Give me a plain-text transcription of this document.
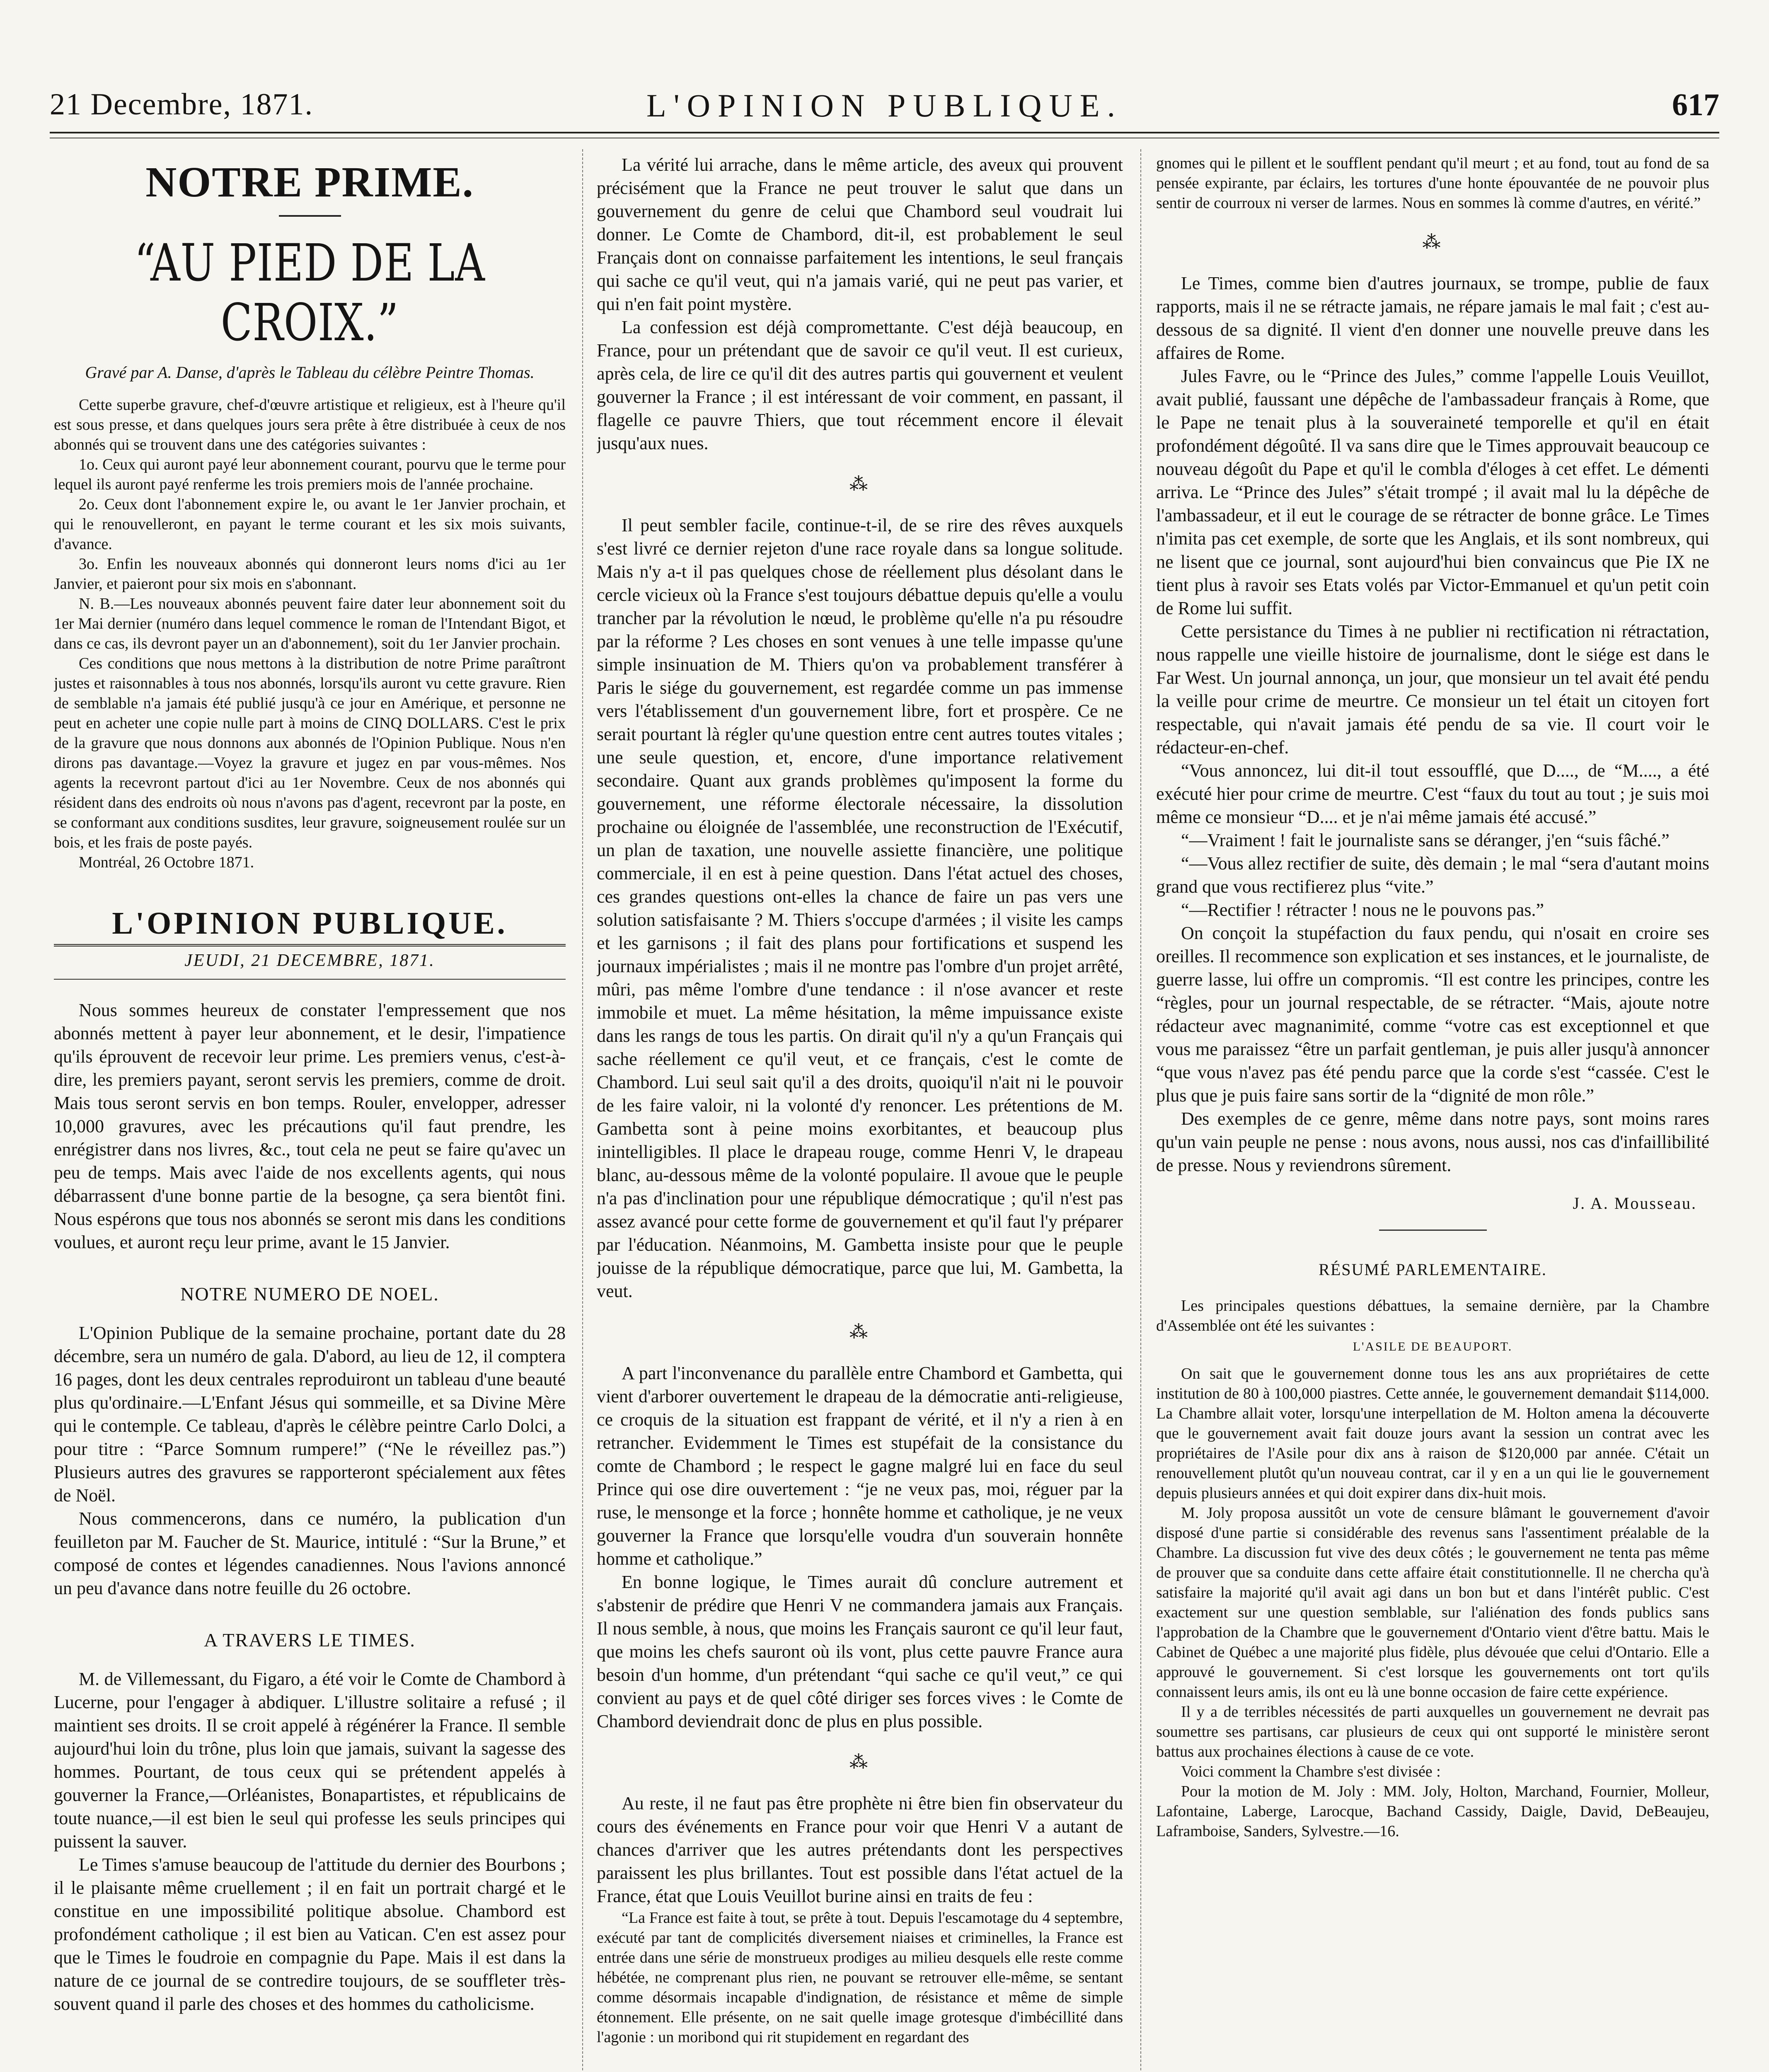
21 Decembre, 1871.	L'OPINION PUBLIQUE.	617
NOTRE PRIME.
“AU PIED DE LA CROIX.”
Gravé par A. Danse, d'après le Tableau du célèbre Peintre Thomas.

Cette superbe gravure, chef-d'œuvre artistique et religieux, est à l'heure qu'il est sous presse, et dans quelques jours sera prête à être distribuée à ceux de nos abonnés qui se trouvent dans une des catégories suivantes :

1o. Ceux qui auront payé leur abonnement courant, pourvu que le terme pour lequel ils auront payé renferme les trois premiers mois de l'année prochaine.

2o. Ceux dont l'abonnement expire le, ou avant le 1er Janvier prochain, et qui le renouvelleront, en payant le terme courant et les six mois suivants, d'avance.

3o. Enfin les nouveaux abonnés qui donneront leurs noms d'ici au 1er Janvier, et paieront pour six mois en s'abonnant.

N. B.—Les nouveaux abonnés peuvent faire dater leur abonnement soit du 1er Mai dernier (numéro dans lequel commence le roman de l'Intendant Bigot, et dans ce cas, ils devront payer un an d'abonnement), soit du 1er Janvier prochain.

Ces conditions que nous mettons à la distribution de notre Prime paraîtront justes et raisonnables à tous nos abonnés, lorsqu'ils auront vu cette gravure. Rien de semblable n'a jamais été publié jusqu'à ce jour en Amérique, et personne ne peut en acheter une copie nulle part à moins de CINQ DOLLARS. C'est le prix de la gravure que nous donnons aux abonnés de l'Opinion Publique. Nous n'en dirons pas davantage.—Voyez la gravure et jugez en par vous-mêmes. Nos agents la recevront partout d'ici au 1er Novembre. Ceux de nos abonnés qui résident dans des endroits où nous n'avons pas d'agent, recevront par la poste, en se conformant aux conditions susdites, leur gravure, soigneusement roulée sur un bois, et les frais de poste payés.

Montréal, 26 Octobre 1871.

L'OPINION PUBLIQUE.
JEUDI, 21 DECEMBRE, 1871.

Nous sommes heureux de constater l'empressement que nos abonnés mettent à payer leur abonnement, et le desir, l'impatience qu'ils éprouvent de recevoir leur prime. Les premiers venus, c'est-à-dire, les premiers payant, seront servis les premiers, comme de droit. Mais tous seront servis en bon temps. Rouler, envelopper, adresser 10,000 gravures, avec les précautions qu'il faut prendre, les enrégistrer dans nos livres, &c., tout cela ne peut se faire qu'avec un peu de temps. Mais avec l'aide de nos excellents agents, qui nous débarrassent d'une bonne partie de la besogne, ça sera bientôt fini. Nous espérons que tous nos abonnés se seront mis dans les conditions voulues, et auront reçu leur prime, avant le 15 Janvier.

NOTRE NUMERO DE NOEL.

L'Opinion Publique de la semaine prochaine, portant date du 28 décembre, sera un numéro de gala. D'abord, au lieu de 12, il comptera 16 pages, dont les deux centrales reproduiront un tableau d'une beauté plus qu'ordinaire.—L'Enfant Jésus qui sommeille, et sa Divine Mère qui le contemple. Ce tableau, d'après le célèbre peintre Carlo Dolci, a pour titre : “Parce Somnum rumpere!” (“Ne le réveillez pas.”) Plusieurs autres des gravures se rapporteront spécialement aux fêtes de Noël.

Nous commencerons, dans ce numéro, la publication d'un feuilleton par M. Faucher de St. Maurice, intitulé : “Sur la Brune,” et composé de contes et légendes canadiennes. Nous l'avions annoncé un peu d'avance dans notre feuille du 26 octobre.

A TRAVERS LE TIMES.

M. de Villemessant, du Figaro, a été voir le Comte de Chambord à Lucerne, pour l'engager à abdiquer. L'illustre solitaire a refusé ; il maintient ses droits. Il se croit appelé à régénérer la France. Il semble aujourd'hui loin du trône, plus loin que jamais, suivant la sagesse des hommes. Pourtant, de tous ceux qui se prétendent appelés à gouverner la France,—Orléanistes, Bonapartistes, et républicains de toute nuance,—il est bien le seul qui professe les seuls principes qui puissent la sauver.

Le Times s'amuse beaucoup de l'attitude du dernier des Bourbons ; il le plaisante même cruellement ; il en fait un portrait chargé et le constitue en une impossibilité politique absolue. Chambord est profondément catholique ; il est bien au Vatican. C'en est assez pour que le Times le foudroie en compagnie du Pape. Mais il est dans la nature de ce journal de se contredire toujours, de se souffleter très-souvent quand il parle des choses et des hommes du catholicisme.

La vérité lui arrache, dans le même article, des aveux qui prouvent précisément que la France ne peut trouver le salut que dans un gouvernement du genre de celui que Chambord seul voudrait lui donner. Le Comte de Chambord, dit-il, est probablement le seul Français dont on connaisse parfaitement les intentions, le seul français qui sache ce qu'il veut, qui n'a jamais varié, qui ne peut pas varier, et qui n'en fait point mystère.

La confession est déjà compromettante. C'est déjà beaucoup, en France, pour un prétendant que de savoir ce qu'il veut. Il est curieux, après cela, de lire ce qu'il dit des autres partis qui gouvernent et veulent gouverner la France ; il est intéressant de voir comment, en passant, il flagelle ce pauvre Thiers, que tout récemment encore il élevait jusqu'aux nues.

⁂

Il peut sembler facile, continue-t-il, de se rire des rêves auxquels s'est livré ce dernier rejeton d'une race royale dans sa longue solitude. Mais n'y a-t il pas quelques chose de réellement plus désolant dans le cercle vicieux où la France s'est toujours débattue depuis qu'elle a voulu trancher par la révolution le nœud, le problème qu'elle n'a pu résoudre par la réforme ? Les choses en sont venues à une telle impasse qu'une simple insinuation de M. Thiers qu'on va probablement transférer à Paris le siége du gouvernement, est regardée comme un pas immense vers l'établissement d'un gouvernement libre, fort et prospère. Ce ne serait pourtant là régler qu'une question entre cent autres toutes vitales ; une seule question, et, encore, d'une importance relativement secondaire. Quant aux grands problèmes qu'imposent la forme du gouvernement, une réforme électorale nécessaire, la dissolution prochaine ou éloignée de l'assemblée, une reconstruction de l'Exécutif, un plan de taxation, une nouvelle assiette financière, une politique commerciale, il en est à peine question. Dans l'état actuel des choses, ces grandes questions ont-elles la chance de faire un pas vers une solution satisfaisante ? M. Thiers s'occupe d'armées ; il visite les camps et les garnisons ; il fait des plans pour fortifications et suspend les journaux impérialistes ; mais il ne montre pas l'ombre d'un projet arrêté, mûri, pas même l'ombre d'une tendance : il n'ose avancer et reste immobile et muet. La même hésitation, la même impuissance existe dans les rangs de tous les partis. On dirait qu'il n'y a qu'un Français qui sache réellement ce qu'il veut, et ce français, c'est le comte de Chambord. Lui seul sait qu'il a des droits, quoiqu'il n'ait ni le pouvoir de les faire valoir, ni la volonté d'y renoncer. Les prétentions de M. Gambetta sont à peine moins exorbitantes, et beaucoup plus inintelligibles. Il place le drapeau rouge, comme Henri V, le drapeau blanc, au-dessous même de la volonté populaire. Il avoue que le peuple n'a pas d'inclination pour une république démocratique ; qu'il n'est pas assez avancé pour cette forme de gouvernement et qu'il faut l'y préparer par l'éducation. Néanmoins, M. Gambetta insiste pour que le peuple jouisse de la république démocratique, parce que lui, M. Gambetta, la veut.

⁂

A part l'inconvenance du parallèle entre Chambord et Gambetta, qui vient d'arborer ouvertement le drapeau de la démocratie anti-religieuse, ce croquis de la situation est frappant de vérité, et il n'y a rien à en retrancher. Evidemment le Times est stupéfait de la consistance du comte de Chambord ; le respect le gagne malgré lui en face du seul Prince qui ose dire ouvertement : “je ne veux pas, moi, réguer par la ruse, le mensonge et la force ; honnête homme et catholique, je ne veux gouverner la France que lorsqu'elle voudra d'un souverain honnête homme et catholique.”

En bonne logique, le Times aurait dû conclure autrement et s'abstenir de prédire que Henri V ne commandera jamais aux Français. Il nous semble, à nous, que moins les Français sauront ce qu'il leur faut, que moins les chefs sauront où ils vont, plus cette pauvre France aura besoin d'un homme, d'un prétendant “qui sache ce qu'il veut,” ce qui convient au pays et de quel côté diriger ses forces vives : le Comte de Chambord deviendrait donc de plus en plus possible.

⁂

Au reste, il ne faut pas être prophète ni être bien fin observateur du cours des événements en France pour voir que Henri V a autant de chances d'arriver que les autres prétendants dont les perspectives paraissent les plus brillantes. Tout est possible dans l'état actuel de la France, état que Louis Veuillot burine ainsi en traits de feu :

“La France est faite à tout, se prête à tout. Depuis l'escamotage du 4 septembre, exécuté par tant de complicités diversement niaises et criminelles, la France est entrée dans une série de monstrueux prodiges au milieu desquels elle reste comme hébétée, ne comprenant plus rien, ne pouvant se retrouver elle-même, se sentant comme désormais incapable d'indignation, de résistance et même de simple étonnement. Elle présente, on ne sait quelle image grotesque d'imbécillité dans l'agonie : un moribond qui rit stupidement en regardant des

gnomes qui le pillent et le soufflent pendant qu'il meurt ; et au fond, tout au fond de sa pensée expirante, par éclairs, les tortures d'une honte épouvantée de ne pouvoir plus sentir de courroux ni verser de larmes. Nous en sommes là comme d'autres, en vérité.”

⁂

Le Times, comme bien d'autres journaux, se trompe, publie de faux rapports, mais il ne se rétracte jamais, ne répare jamais le mal fait ; c'est au-dessous de sa dignité. Il vient d'en donner une nouvelle preuve dans les affaires de Rome.

Jules Favre, ou le “Prince des Jules,” comme l'appelle Louis Veuillot, avait publié, faussant une dépêche de l'ambassadeur français à Rome, que le Pape ne tenait plus à la souveraineté temporelle et qu'il en était profondément dégoûté. Il va sans dire que le Times approuvait beaucoup ce nouveau dégoût du Pape et qu'il le combla d'éloges à cet effet. Le démenti arriva. Le “Prince des Jules” s'était trompé ; il avait mal lu la dépêche de l'ambassadeur, et il eut le courage de se rétracter de bonne grâce. Le Times n'imita pas cet exemple, de sorte que les Anglais, et ils sont nombreux, qui ne lisent que ce journal, sont aujourd'hui bien convaincus que Pie IX ne tient plus à ravoir ses Etats volés par Victor-Emmanuel et qu'un petit coin de Rome lui suffit.

Cette persistance du Times à ne publier ni rectification ni rétractation, nous rappelle une vieille histoire de journalisme, dont le siége est dans le Far West. Un journal annonça, un jour, que monsieur un tel avait été pendu la veille pour crime de meurtre. Ce monsieur un tel était un citoyen fort respectable, qui n'avait jamais été pendu de sa vie. Il court voir le rédacteur-en-chef.

“Vous annoncez, lui dit-il tout essoufflé, que D...., de “M...., a été exécuté hier pour crime de meurtre. C'est “faux du tout au tout ; je suis moi même ce monsieur “D.... et je n'ai même jamais été accusé.”

“—Vraiment ! fait le journaliste sans se déranger, j'en “suis fâché.”

“—Vous allez rectifier de suite, dès demain ; le mal “sera d'autant moins grand que vous rectifierez plus “vite.”

“—Rectifier ! rétracter ! nous ne le pouvons pas.”

On conçoit la stupéfaction du faux pendu, qui n'osait en croire ses oreilles. Il recommence son explication et ses instances, et le journaliste, de guerre lasse, lui offre un compromis. “Il est contre les principes, contre les “règles, pour un journal respectable, de se rétracter. “Mais, ajoute notre rédacteur avec magnanimité, comme “votre cas est exceptionnel et que vous me paraissez “être un parfait gentleman, je puis aller jusqu'à annoncer “que vous n'avez pas été pendu parce que la corde s'est “cassée. C'est le plus que je puis faire sans sortir de la “dignité de mon rôle.”

Des exemples de ce genre, même dans notre pays, sont moins rares qu'un vain peuple ne pense : nous avons, nous aussi, nos cas d'infaillibilité de presse. Nous y reviendrons sûrement.

J. A. Mousseau.
RÉSUMÉ PARLEMENTAIRE.

Les principales questions débattues, la semaine dernière, par la Chambre d'Assemblée ont été les suivantes :

L'ASILE DE BEAUPORT.

On sait que le gouvernement donne tous les ans aux propriétaires de cette institution de 80 à 100,000 piastres. Cette année, le gouvernement demandait $114,000. La Chambre allait voter, lorsqu'une interpellation de M. Holton amena la découverte que le gouvernement avait fait douze jours avant la session un contrat avec les propriétaires de l'Asile pour dix ans à raison de $120,000 par année. C'était un renouvellement plutôt qu'un nouveau contrat, car il y en a un qui lie le gouvernement depuis plusieurs années et qui doit expirer dans dix-huit mois.

M. Joly proposa aussitôt un vote de censure blâmant le gouvernement d'avoir disposé d'une partie si considérable des revenus sans l'assentiment préalable de la Chambre. La discussion fut vive des deux côtés ; le gouvernement ne tenta pas même de prouver que sa conduite dans cette affaire était constitutionnelle. Il ne chercha qu'à satisfaire la majorité qu'il avait agi dans un bon but et dans l'intérêt public. C'est exactement sur une question semblable, sur l'aliénation des fonds publics sans l'approbation de la Chambre que le gouvernement d'Ontario vient d'être battu. Mais le Cabinet de Québec a une majorité plus fidèle, plus dévouée que celui d'Ontario. Elle a approuvé le gouvernement. Si c'est lorsque les gouvernements ont tort qu'ils connaissent leurs amis, ils ont eu là une bonne occasion de faire cette expérience.

Il y a de terribles nécessités de parti auxquelles un gouvernement ne devrait pas soumettre ses partisans, car plusieurs de ceux qui ont supporté le ministère seront battus aux prochaines élections à cause de ce vote.

Voici comment la Chambre s'est divisée :

Pour la motion de M. Joly : MM. Joly, Holton, Marchand, Fournier, Molleur, Lafontaine, Laberge, Larocque, Bachand Cassidy, Daigle, David, DeBeaujeu, Laframboise, Sanders, Sylvestre.—16.
